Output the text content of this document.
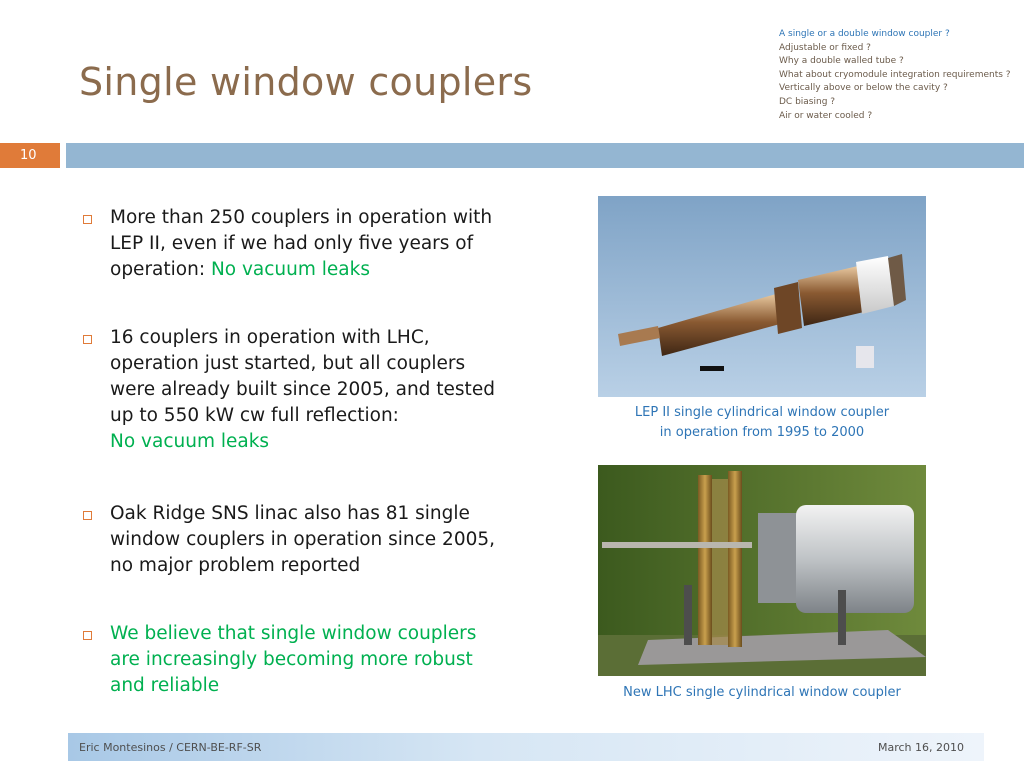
Single window couplers
A single or a double window coupler ?
Adjustable or fixed ?
Why a double walled tube ?
What about cryomodule integration requirements ?
Vertically above or below the cavity ?
DC biasing ?
Air or water cooled ?
10
More than 250 couplers in operation with LEP II, even if we had only five years of operation: No vacuum leaks
16 couplers in operation with LHC, operation just started, but all couplers were already built since 2005, and tested up to 550 kW cw full reflection:
No vacuum leaks
Oak Ridge SNS linac also has 81 single window couplers in operation since 2005, no major problem reported
We believe that single window couplers are increasingly becoming more robust and reliable
LEP II single cylindrical window coupler
in operation from 1995 to 2000
New LHC single cylindrical window coupler
Eric Montesinos / CERN-BE-RF-SR	March 16, 2010
